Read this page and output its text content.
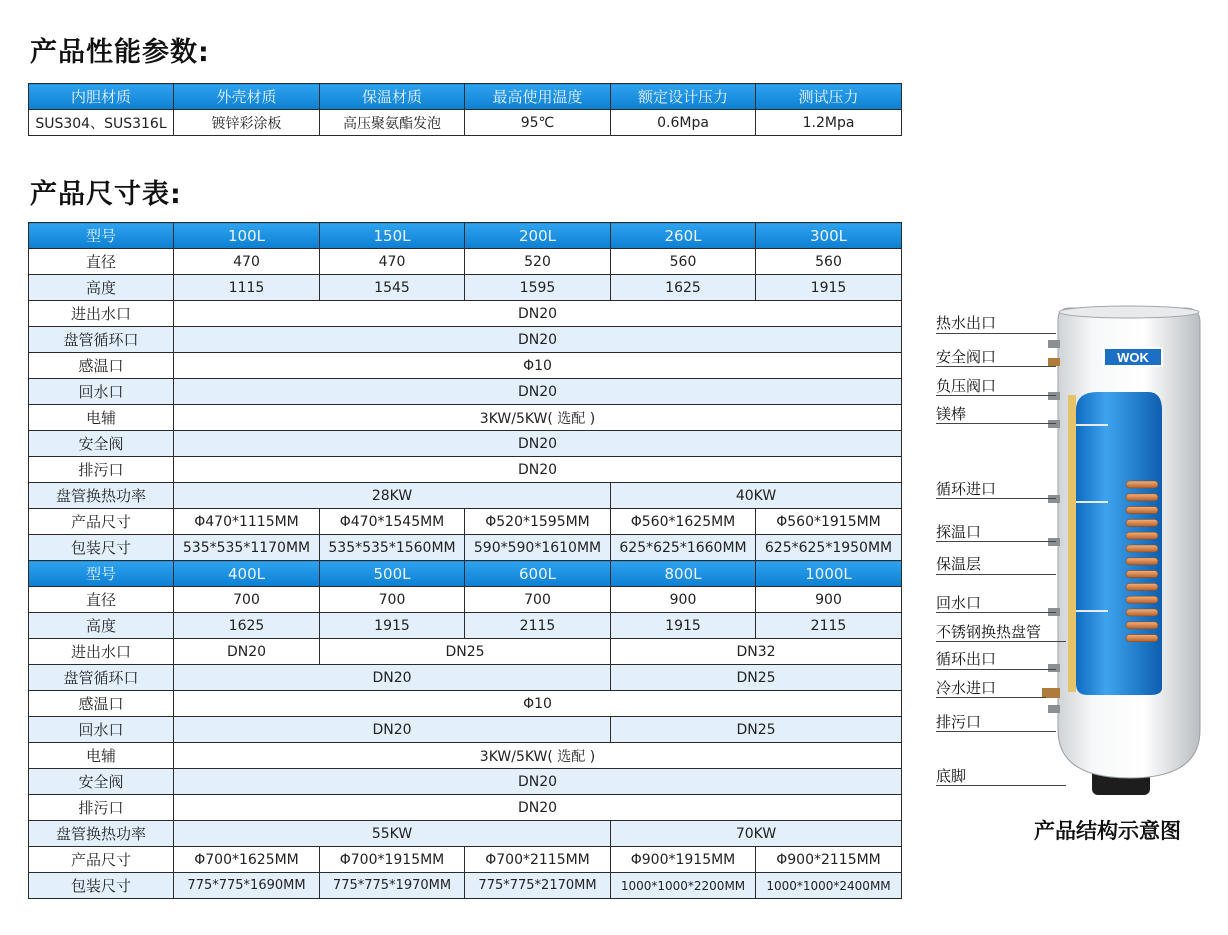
产品性能参数:
产品尺寸表:
内胆材质	外壳材质	保温材质	最高使用温度	额定设计压力	测试压力
SUS304、SUS316L	镀锌彩涂板	高压聚氨酯发泡	95℃	0.6Mpa	1.2Mpa
型号	100L	150L	200L	260L	300L
直径	470	470	520	560	560
高度	1115	1545	1595	1625	1915
进出水口	DN20				
盘管循环口	DN20				
感温口	Φ10				
回水口	DN20				
电辅	3KW/5KW( 选配 )				
安全阀	DN20				
排污口	DN20				
盘管换热功率	28KW			40KW	
产品尺寸	Φ470*1115MM	Φ470*1545MM	Φ520*1595MM	Φ560*1625MM	Φ560*1915MM
包装尺寸	535*535*1170MM	535*535*1560MM	590*590*1610MM	625*625*1660MM	625*625*1950MM
型号	400L	500L	600L	800L	1000L
直径	700	700	700	900	900
高度	1625	1915	2115	1915	2115
进出水口	DN20	DN25		DN32	
盘管循环口	DN20			DN25	
感温口	Φ10				
回水口	DN20			DN25	
电辅	3KW/5KW( 选配 )				
安全阀	DN20				
排污口	DN20				
盘管换热功率	55KW			70KW	
产品尺寸	Φ700*1625MM	Φ700*1915MM	Φ700*2115MM	Φ900*1915MM	Φ900*2115MM
包装尺寸	775*775*1690MM	775*775*1970MM	775*775*2170MM	1000*1000*2200MM	1000*1000*2400MM
WOK
热水出口
安全阀口
负压阀口
镁棒
循环进口
探温口
保温层
回水口
不锈钢换热盘管
循环出口
冷水进口
排污口
底脚
产品结构示意图
